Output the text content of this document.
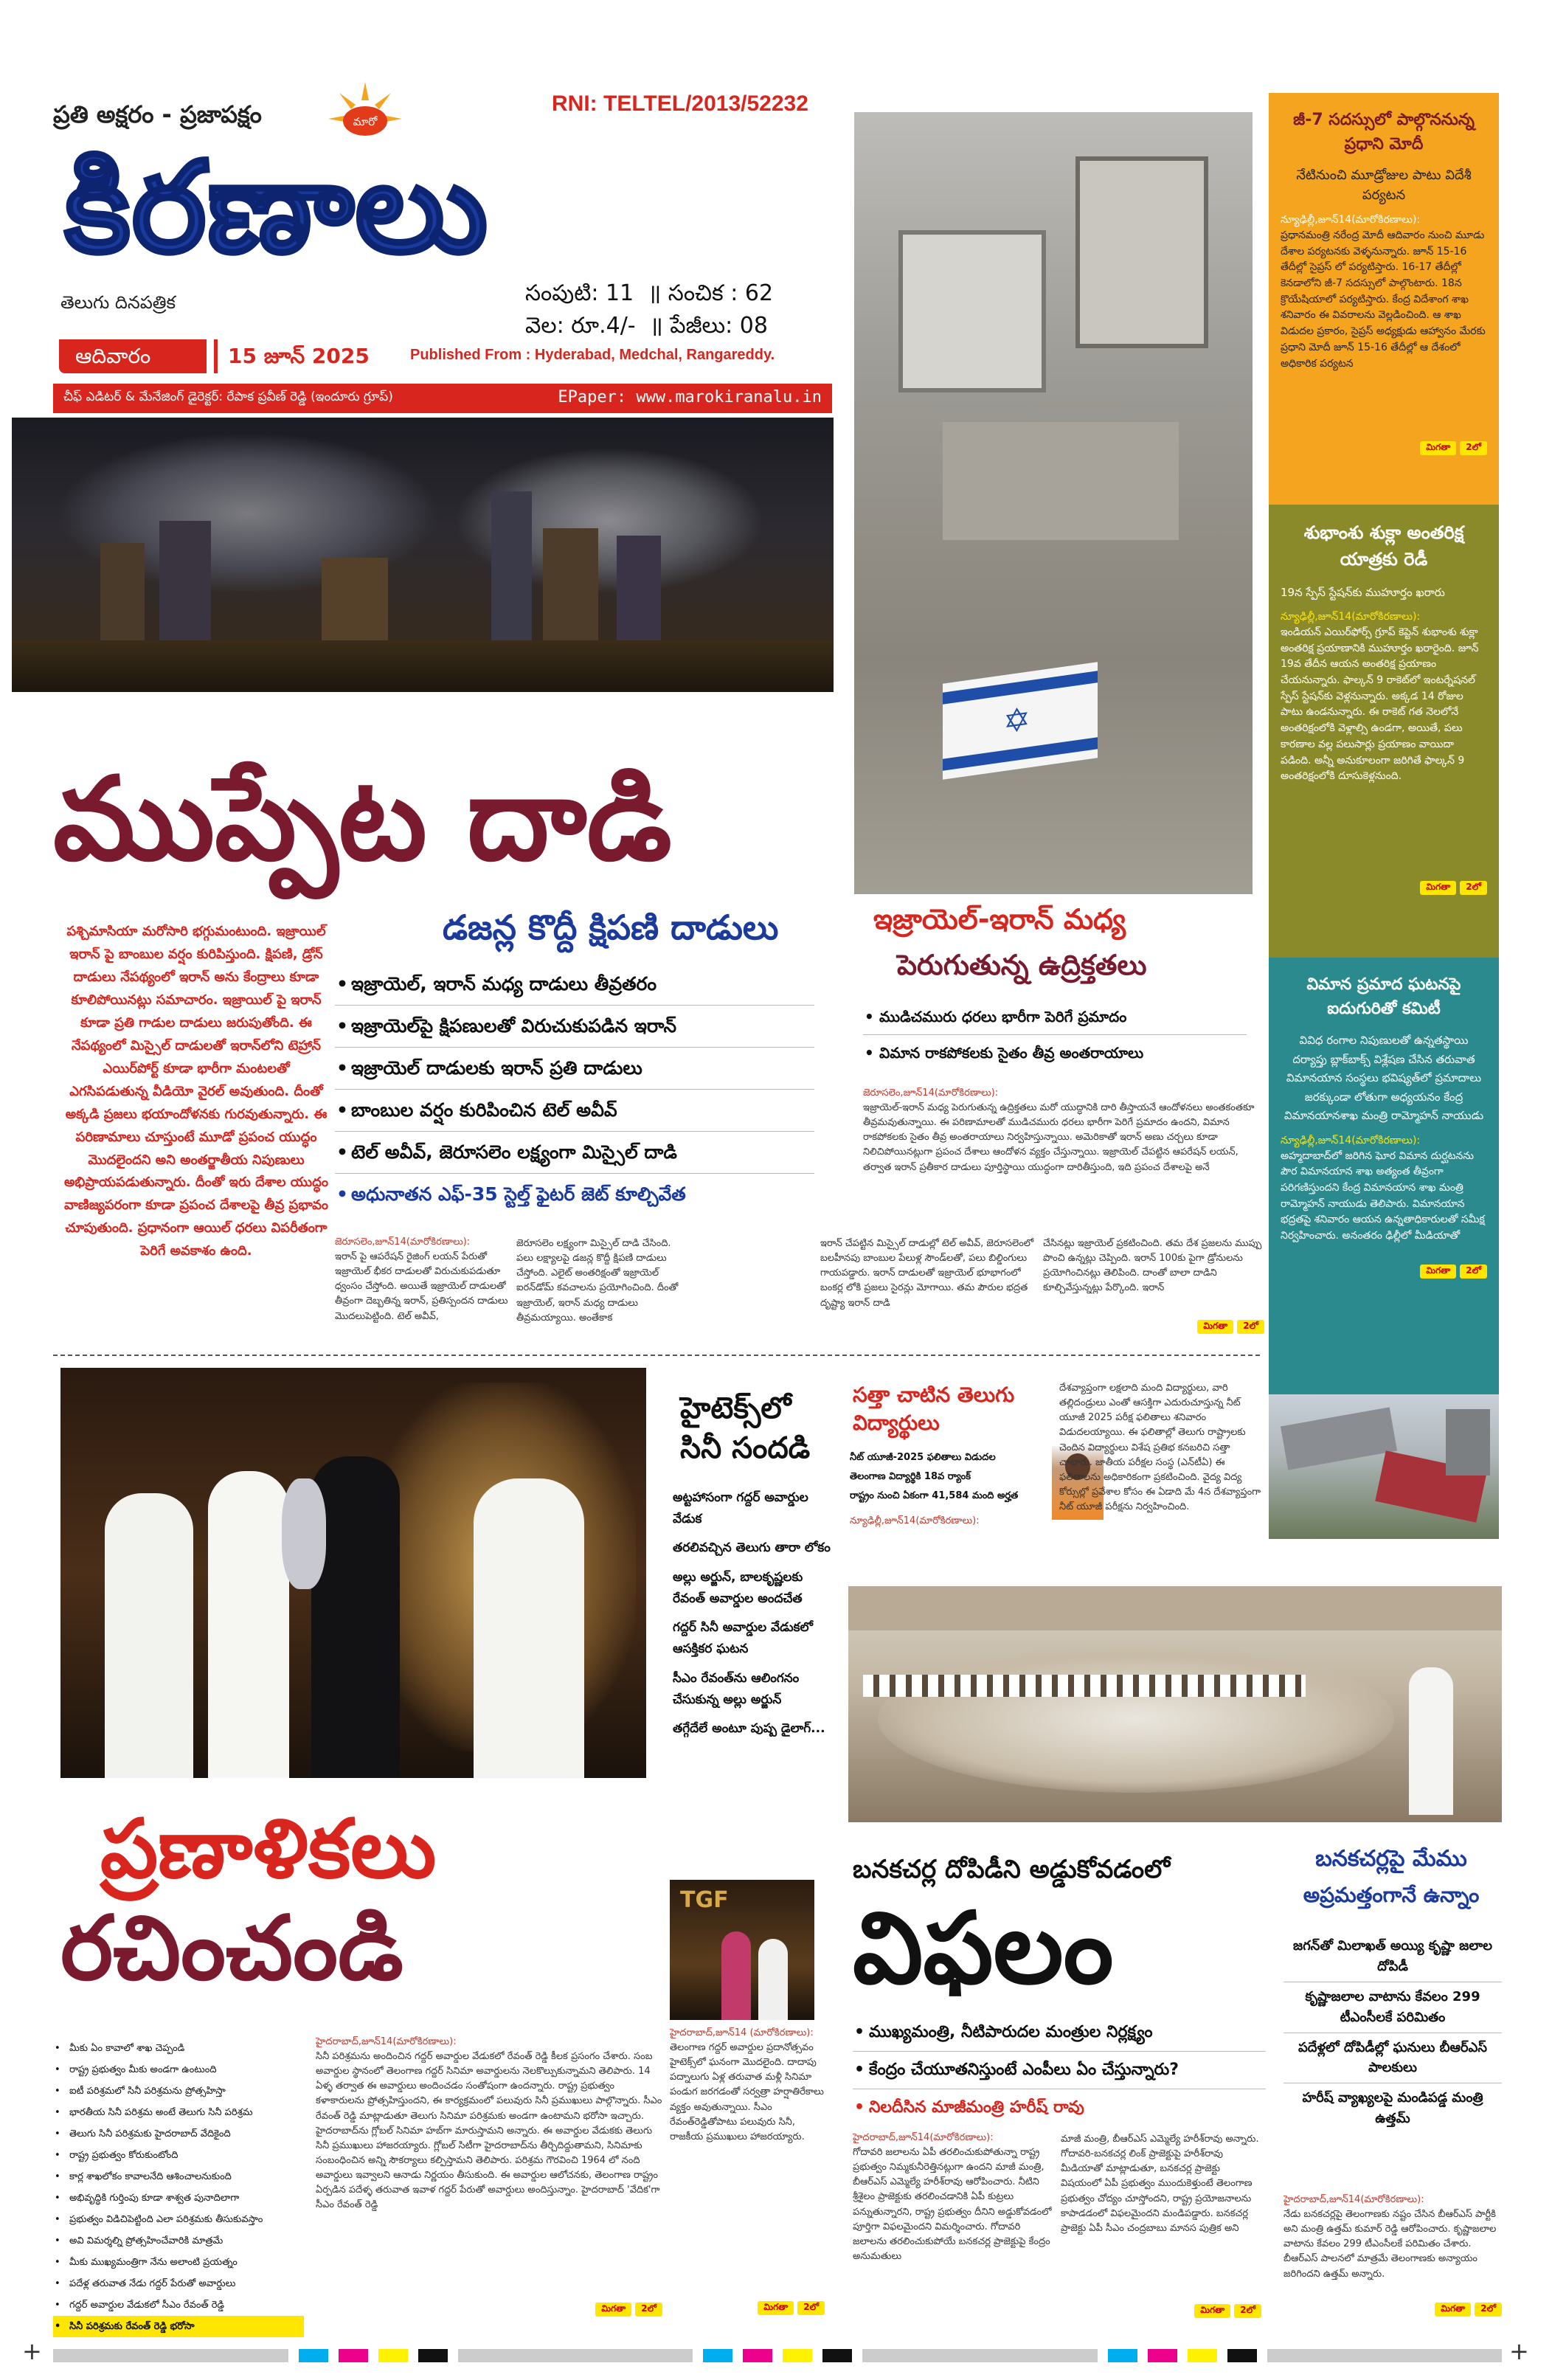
ప్రతి అక్షరం - ప్రజాపక్షం	మారో
RNI: TELTEL/2013/52232
కిరణాలు
తెలుగు దినపత్రిక	సంపుటి: 11  ॥ సంచిక : 62
వెల: రూ.4/-  ॥ పేజీలు: 08
ఆదివారం	15 జూన్ 2025	Published From : Hyderabad, Medchal, Rangareddy.
చీఫ్ ఎడిటర్ & మేనేజింగ్ డైరెక్టర్: రేపాక ప్రవీణ్ రెడ్డి (ఇందూరు గ్రూప్)	EPaper: www.marokiranalu.in
✡
జీ-7 సదస్సులో పాల్గొననున్న ప్రధాని మోదీ
నేటినుంచి మూడ్రోజుల పాటు విదేశీ పర్యటన
న్యూఢిల్లీ,జూన్14(మారోకిరణాలు):
ప్రధానమంత్రి నరేంద్ర మోదీ ఆదివారం నుంచి మూడు దేశాల పర్యటనకు వెళ్ళనున్నారు. జూన్ 15-16 తేదీల్లో సైప్రస్ లో పర్యటిస్తారు. 16-17 తేదీల్లో కెనడాలోని జీ-7 సదస్సులో పాల్గొంటారు. 18న క్రొయేషియాలో పర్యటిస్తారు. కేంద్ర విదేశాంగ శాఖ శనివారం ఈ వివరాలను వెల్లడించింది. ఆ శాఖ విడుదల ప్రకారం, సైప్రస్ అధ్యక్షుడు ఆహ్వానం మేరకు ప్రధాని మోదీ జూన్ 15-16 తేదీల్లో ఆ దేశంలో అధికారిక పర్యటన
మిగతా 2లో
శుభాంశు శుక్లా అంతరిక్ష యాత్రకు రెడీ
19న స్పేస్ స్టేషన్‌కు ముహూర్తం ఖరారు
న్యూఢిల్లీ,జూన్14(మారోకిరణాలు):
ఇండియన్ ఎయిర్‌ఫోర్స్ గ్రూప్ కెప్టెన్ శుభాంశు శుక్లా అంతరిక్ష ప్రయాణానికి ముహూర్తం ఖరారైంది. జూన్ 19వ తేదీన ఆయన అంతరిక్ష ప్రయాణం చేయనున్నారు. ఫాల్కన్ 9 రాకెట్‌లో ఇంటర్నేషనల్ స్పేస్ స్టేషన్‌కు వెళ్లనున్నారు. అక్కడ 14 రోజుల పాటు ఉండనున్నారు. ఈ రాకెట్ గత నెలలోనే అంతరిక్షంలోకి వెళ్లాల్సి ఉండగా, అయితే, పలు కారణాల వల్ల పలుసార్లు ప్రయాణం వాయిదా పడింది. అన్నీ అనుకూలంగా జరిగితే ఫాల్కన్ 9 అంతరిక్షంలోకి దూసుకెళ్లనుంది.
మిగతా 2లో
విమాన ప్రమాద ఘటనపై ఐదుగురితో కమిటీ
వివిధ రంగాల నిపుణులతో ఉన్నతస్థాయి దర్యాప్తు బ్లాక్‌బాక్స్ విశ్లేషణ చేసిన తరువాత విమానయాన సంస్థలు భవిష్యత్‌లో ప్రమాదాలు జరక్కుండా లోతుగా అధ్యయనం కేంద్ర విమానయానశాఖ మంత్రి రామ్మోహన్ నాయుడు
న్యూఢిల్లీ,జూన్14(మారోకిరణాలు):
అహ్మదాబాద్‌లో జరిగిన ఘోర విమాన దుర్ఘటనను పౌర విమానయాన శాఖ అత్యంత తీవ్రంగా పరిగణిస్తుందని కేంద్ర విమానయాన శాఖ మంత్రి రామ్మోహన్ నాయుడు తెలిపారు. విమానయాన భద్రతపై శనివారం ఆయన ఉన్నతాధికారులతో సమీక్ష నిర్వహించారు. అనంతరం ఢిల్లీలో మీడియాతో
మిగతా 2లో
ముప్పేట దాడి
డజన్ల కొద్దీ క్షిపణి దాడులు
పశ్చిమాసియా మరోసారి భగ్గుమంటుంది. ఇజ్రాయిల్ ఇరాన్ పై బాంబుల వర్షం కురిపిస్తుంది. క్షిపణి, డ్రోన్ దాడులు నేపథ్యంలో ఇరాన్ అను కేంద్రాలు కూడా కూలిపోయినట్లు సమాచారం. ఇజ్రాయిల్ పై ఇరాన్ కూడా ప్రతి గాడుల దాడులు జరుపుతోంది. ఈ నేపథ్యంలో మిస్సైల్ దాడులతో ఇరాన్‌లోని టెహ్రాన్ ఎయిర్‌పోర్ట్ కూడా భారీగా మంటలతో ఎగసిపడుతున్న వీడియో వైరల్ అవుతుంది. దీంతో అక్కడి ప్రజలు భయాందోళనకు గురవుతున్నారు. ఈ పరిణామాలు చూస్తుంటే మూడో ప్రపంచ యుద్ధం మొదలైందని అని అంతర్జాతీయ నిపుణులు అభిప్రాయపడుతున్నారు. దీంతో ఇరు దేశాల యుద్ధం వాణిజ్యపరంగా కూడా ప్రపంచ దేశాలపై తీవ్ర ప్రభావం చూపుతుంది. ప్రధానంగా ఆయిల్ ధరలు విపరీతంగా పెరిగే అవకాశం ఉంది.
• ఇజ్రాయెల్, ఇరాన్ మధ్య దాడులు తీవ్రతరం
• ఇజ్రాయెల్‌పై క్షిపణులతో విరుచుకుపడిన ఇరాన్
• ఇజ్రాయెల్ దాడులకు ఇరాన్ ప్రతి దాడులు
• బాంబుల వర్షం కురిపించిన టెల్ అవీవ్
• టెల్ అవీవ్, జెరూసలెం లక్ష్యంగా మిస్సైల్ దాడి
• అధునాతన ఎఫ్-35 స్టెల్త్ ఫైటర్ జెట్ కూల్చివేత
జెరూసలెం,జూన్14(మారోకిరణాలు):
ఇరాన్ పై ఆపరేషన్ రైజింగ్ లయన్ పేరుతో ఇజ్రాయెల్ భీకర దాడులతో విరుచుకుపడుతూ ధ్వంసం చేస్తోంది. అయితే ఇజ్రాయెల్ దాడులతో తీవ్రంగా దెబ్బతిన్న ఇరాన్, ప్రతిస్పందన దాడులు మొదలుపెట్టింది. టెల్ అవీవ్,
జెరూసలెం లక్ష్యంగా మిస్సైల్ దాడి చేసింది. పలు లక్ష్యాలపై డజన్ల కొద్దీ క్షిపణి దాడులు చేస్తోంది. ఎలైట్ అంతరిక్షంతో ఇజ్రాయెల్ ఐరన్‌డోమ్ కవచాలను ప్రయోగించింది. దీంతో ఇజ్రాయెల్, ఇరాన్ మధ్య దాడులు తీవ్రమయ్యాయి. అంతేకాక
ఇరాన్ చేపట్టిన మిస్సైల్ దాడుల్లో టెల్ అవీవ్, జెరూసలెంలో బలహీనపు బాంబుల పేలుళ్ల సౌండ్‌లతో, పలు బిల్డింగులు గాయపడ్డారు. ఇరాన్ దాడులతో ఇజ్రాయెల్ భూభాగంలో బంకర్ల లోకి ప్రజలు సైరన్లు మోగాయి. తమ పౌరుల భద్రత దృష్ట్యా ఇరాన్ దాడి
చేసినట్లు ఇజ్రాయెల్ ప్రకటించింది. తమ దేశ ప్రజలను ముప్పు పొంచి ఉన్నట్లు చెప్పింది. ఇరాన్ 100కు పైగా డ్రోనులను ప్రయోగించినట్లు తెలిపింది. దాంతో బాలా దాడిని కూల్చివేస్తున్నట్లు పేర్కొంది. ఇరాన్
మిగతా 2లో
ఇజ్రాయెల్-ఇరాన్ మధ్య
పెరుగుతున్న ఉద్రిక్తతలు
• ముడిచమురు ధరలు భారీగా పెరిగే ప్రమాదం
• విమాన రాకపోకలకు సైతం తీవ్ర అంతరాయాలు
జెరూసలెం,జూన్14(మారోకిరణాలు):
ఇజ్రాయెల్-ఇరాన్ మధ్య పెరుగుతున్న ఉద్రిక్తతలు మరో యుద్ధానికి దారి తీస్తాయనే ఆందోళనలు అంతకంతకూ తీవ్రమవుతున్నాయి. ఈ పరిణామాలతో ముడిచమురు ధరలు భారీగా పెరిగే ప్రమాదం ఉందని, విమాన రాకపోకలకు సైతం తీవ్ర అంతరాయాలు నిర్వహిస్తున్నాయి. అమెరికాతో ఇరాన్ అణు చర్చలు కూడా నిలిచిపోయినట్లుగా ప్రపంచ దేశాలు ఆందోళన వ్యక్తం చేస్తున్నాయి. ఇజ్రాయెల్ చేపట్టిన ఆపరేషన్ లయన్, తర్వాత ఇరాన్ ప్రతీకార దాడులు పూర్తిస్థాయి యుద్ధంగా దారితీస్తుంది, ఇది ప్రపంచ దేశాలపై అనే
హైటెక్స్‌లో
సినీ సందడి
అట్టహాసంగా గద్దర్ అవార్డుల వేడుక
తరలివచ్చిన తెలుగు తారా లోకం
అల్లు అర్జున్, బాలకృష్ణలకు రేవంత్ అవార్డుల అందచేత
గద్దర్ సినీ అవార్డుల వేడుకలో ఆసక్తికర ఘటన
సీఎం రేవంత్‌ను ఆలింగనం చేసుకున్న అల్లు అర్జున్
తగ్గేదేలే అంటూ పుష్ప డైలాగ్...
ప్రణాళికలు
రచించండి
• మీకు ఏం కావాలో శాఖ చెప్పండి
• రాష్ట్ర ప్రభుత్వం మీకు అండగా ఉంటుంది
• ఐటీ పరిశ్రమలో సినీ పరిశ్రమను ప్రోత్సహిస్తా
• భారతీయ సినీ పరిశ్రమ అంటే తెలుగు సినీ పరిశ్రమ
• తెలుగు సినీ పరిశ్రమకు హైదరాబాద్ వేదికైంది
• రాష్ట్ర ప్రభుత్వం కోరుకుంటోంది
• కార్ల శాఖలోకం కావాలనేది ఆశించాలనుకుంది
• అభివృద్ధికి గుర్తింపు కూడా శాశ్వత పునాదిలాగా
• ప్రభుత్వం విడిచిపెట్టింది ఎలా పరిశ్రమకు తీసుకువస్తాం
• అవి విమర్శల్ని ప్రోత్సహించేవారికి మాత్రమే
• మీకు ముఖ్యమంత్రిగా నేను అలాంటి ప్రయత్నం
• పదేళ్ల తరువాత నేడు గద్దర్ పేరుతో అవార్డులు
• గద్దర్ అవార్డుల వేడుకలో సీఎం రేవంత్ రెడ్డి
• సినీ పరిశ్రమకు రేవంత్ రెడ్డి భరోసా
హైదరాబాద్,జూన్14(మారోకిరణాలు):
సినీ పరిశ్రమను అందించిన గద్దర్ అవార్డుల వేడుకలో రేవంత్ రెడ్డి కీలక ప్రసంగం చేశారు. సంబ అవార్డుల స్థానంలో తెలంగాణ గద్దర్ సినిమా అవార్డులను నెలకొల్పుకున్నామని తెలిపారు. 14 ఏళ్ళ తర్వాత ఈ అవార్డులు అందించడం సంతోషంగా ఉందన్నారు. రాష్ట్ర ప్రభుత్వం కళాకారులను ప్రోత్సహిస్తుందని, ఈ కార్యక్రమంలో పలువురు సినీ ప్రముఖులు పాల్గొన్నారు. సీఎం రేవంత్ రెడ్డి మాట్లాడుతూ తెలుగు సినిమా పరిశ్రమకు అండగా ఉంటామని భరోసా ఇచ్చారు. హైదరాబాద్‌ను గ్లోబల్ సినిమా హబ్‌గా మారుస్తామని అన్నారు. ఈ అవార్డుల వేడుకకు తెలుగు సినీ ప్రముఖులు హాజరయ్యారు. గ్లోబల్ సిటీగా హైదరాబాద్‌ను తీర్చిదిద్దుతామని, సినిమాకు సంబంధించిన అన్ని సౌకర్యాలు కల్పిస్తామని తెలిపారు. పరిశ్రమ గౌరవించి 1964 లో నంది అవార్డులు ఇవ్వాలని ఆనాడు నిర్ణయం తీసుకుంది. ఈ అవార్డుల ఆలోచనకు, తెలంగాణ రాష్ట్రం ఏర్పడిన పదేళ్ళ తరువాత ఇవాళ గద్దర్ పేరుతో అవార్డులు అందిస్తున్నాం. హైదరాబాద్ 'వేదిక'గా సీఎం రేవంత్ రెడ్డి
మిగతా 2లో
TGF
హైదరాబాద్,జూన్14 (మారోకిరణాలు):
తెలంగాణ గద్దర్ అవార్డుల ప్రదానోత్సవం హైటెక్స్‌లో ఘనంగా మొదలైంది. దాదాపు పద్నాలుగు ఏళ్ల తరువాత మళ్లీ సినిమా పండుగ జరగడంతో సర్వత్రా హర్షాతిరేకాలు వ్యక్తం అవుతున్నాయి. సీఎం రేవంత్‌రెడ్డితోపాటు పలువురు సినీ, రాజకీయ ప్రముఖులు హాజరయ్యారు.
మిగతా 2లో
సత్తా చాటిన తెలుగు విద్యార్థులు
నీట్ యూజీ-2025 ఫలితాలు విడుదల
తెలంగాణ విద్యార్థికి 18వ ర్యాంక్
రాష్ట్రం నుంచి ఏకంగా 41,584 మంది అర్హత
న్యూఢిల్లీ,జూన్14(మారోకిరణాలు):
దేశవ్యాప్తంగా లక్షలాది మంది విద్యార్థులు, వారి తల్లిదండ్రులు ఎంతో ఆసక్తిగా ఎదురుచూస్తున్న నీట్ యూజీ 2025 పరీక్ష ఫలితాలు శనివారం విడుదలయ్యాయి. ఈ ఫలితాల్లో తెలుగు రాష్ట్రాలకు చెందిన విద్యార్థులు విశేష ప్రతిభ కనబరిచి సత్తా చాటారు. జాతీయ పరీక్షల సంస్థ (ఎన్‌టీఏ) ఈ ఫలితాలను అధికారికంగా ప్రకటించింది. వైద్య విద్య కోర్సుల్లో ప్రవేశాల కోసం ఈ ఏడాది మే 4న దేశవ్యాప్తంగా నీట్ యూజీ పరీక్షను నిర్వహించింది.
బనకచర్ల దోపిడీని అడ్డుకోవడంలో
విఫలం
• ముఖ్యమంత్రి, నీటిపారుదల మంత్రుల నిర్లక్ష్యం
• కేంద్రం చేయూతనిస్తుంటే ఎంపీలు ఏం చేస్తున్నారు?
• నిలదీసిన మాజీమంత్రి హరీష్ రావు
హైదరాబాద్,జూన్14(మారోకిరణాలు):
గోదావరి జలాలను ఏపీ తరలించుకుపోతున్నా రాష్ట్ర ప్రభుత్వం నిమ్మకునీరెత్తినట్లుగా ఉందని మాజీ మంత్రి, బీఆర్ఎస్ ఎమ్మెల్యే హరీశ్‌రావు ఆరోపించారు. నీటిని శ్రీశైలం ప్రాజెక్టుకు తరలించడానికి ఏపీ కుట్రలు పన్నుతున్నారని, రాష్ట్ర ప్రభుత్వం దీనిని అడ్డుకోవడంలో పూర్తిగా విఫలమైందని విమర్శించారు. గోదావరి జలాలను తరలించుకుపోయే బనకచర్ల ప్రాజెక్టుపై కేంద్రం అనుమతులు
మాజీ మంత్రి, బీఆర్ఎస్ ఎమ్మెల్యే హరీశ్‌రావు అన్నారు. గోదావరి-బనకచర్ల లింక్ ప్రాజెక్టుపై హరీశ్‌రావు మీడియాతో మాట్లాడుతూ, బనకచర్ల ప్రాజెక్టు విషయంలో ఏపీ ప్రభుత్వం ముందుకెళ్తుంటే తెలంగాణ ప్రభుత్వం చోద్యం చూస్తోందని, రాష్ట్ర ప్రయోజనాలను కాపాడడంలో విఫలమైందని మండిపడ్డారు. బనకచర్ల ప్రాజెక్టు ఏపీ సీఎం చంద్రబాబు మానస పుత్రిక అని
మిగతా 2లో
బనకచర్లపై మేము
అప్రమత్తంగానే ఉన్నాం
జగన్‌తో మిలాఖత్ అయ్యి కృష్ణా జలాల దోపిడీ
కృష్ణాజలాల వాటాను కేవలం 299 టీఎంసీలకే పరిమితం
పదేళ్లలో దోపిడీల్లో ఘనులు బీఆర్ఎస్ పాలకులు
హరీష్ వ్యాఖ్యలపై మండిపడ్డ మంత్రి ఉత్తమ్
హైదరాబాద్,జూన్14(మారోకిరణాలు):
నేడు బనకచర్లపై తెలంగాణకు నష్టం చేసిన బీఆర్ఎస్ పార్టీకి అని మంత్రి ఉత్తమ్ కుమార్ రెడ్డి ఆరోపించారు. కృష్ణాజలాల వాటాను కేవలం 299 టీఎంసీలకే పరిమితం చేశారు. బీఆర్ఎస్ పాలనలో మాత్రమే తెలంగాణకు అన్యాయం జరిగిందని ఉత్తమ్ అన్నారు.
మిగతా 2లో
+	+
